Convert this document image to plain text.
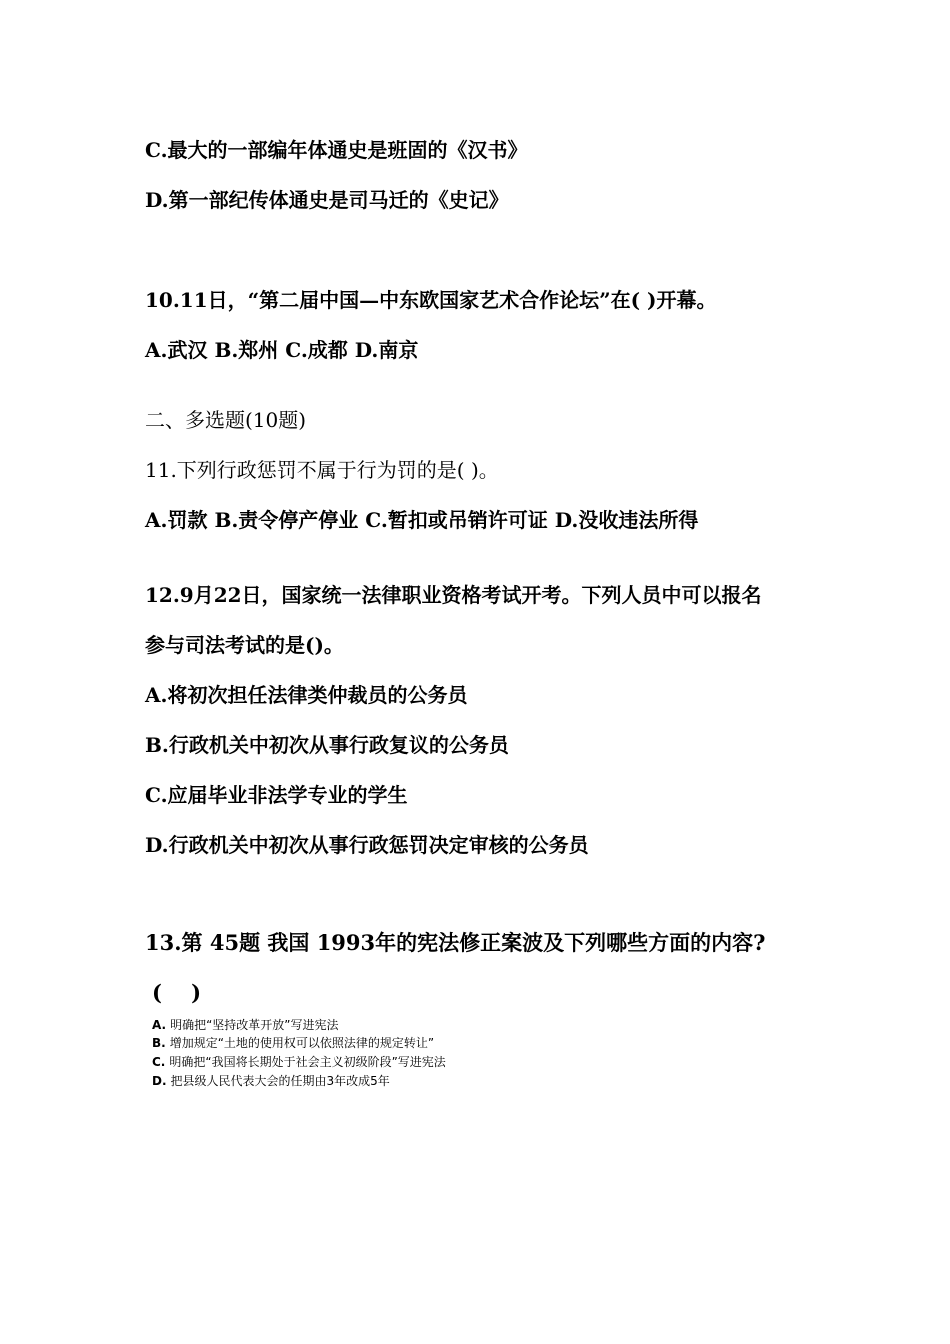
C.最大的一部编年体通史是班固的《汉书》
D.第一部纪传体通史是司马迁的《史记》
10.11日，“第二届中国—中东欧国家艺术合作论坛”在( )开幕。
A.武汉 B.郑州 C.成都 D.南京
二、多选题(10题)
11.下列行政惩罚不属于行为罚的是( )。
A.罚款 B.责令停产停业 C.暂扣或吊销许可证 D.没收违法所得
12.9月22日，国家统一法律职业资格考试开考。下列人员中可以报名
参与司法考试的是()。
A.将初次担任法律类仲裁员的公务员
B.行政机关中初次从事行政复议的公务员
C.应届毕业非法学专业的学生
D.行政机关中初次从事行政惩罚决定审核的公务员
13.第 45题 我国 1993年的宪法修正案波及下列哪些方面的内容?
(    )
A. 明确把“坚持改革开放”写进宪法
B. 增加规定“土地的使用权可以依照法律的规定转让”
C. 明确把“我国将长期处于社会主义初级阶段”写进宪法
D. 把县级人民代表大会的任期由3年改成5年
